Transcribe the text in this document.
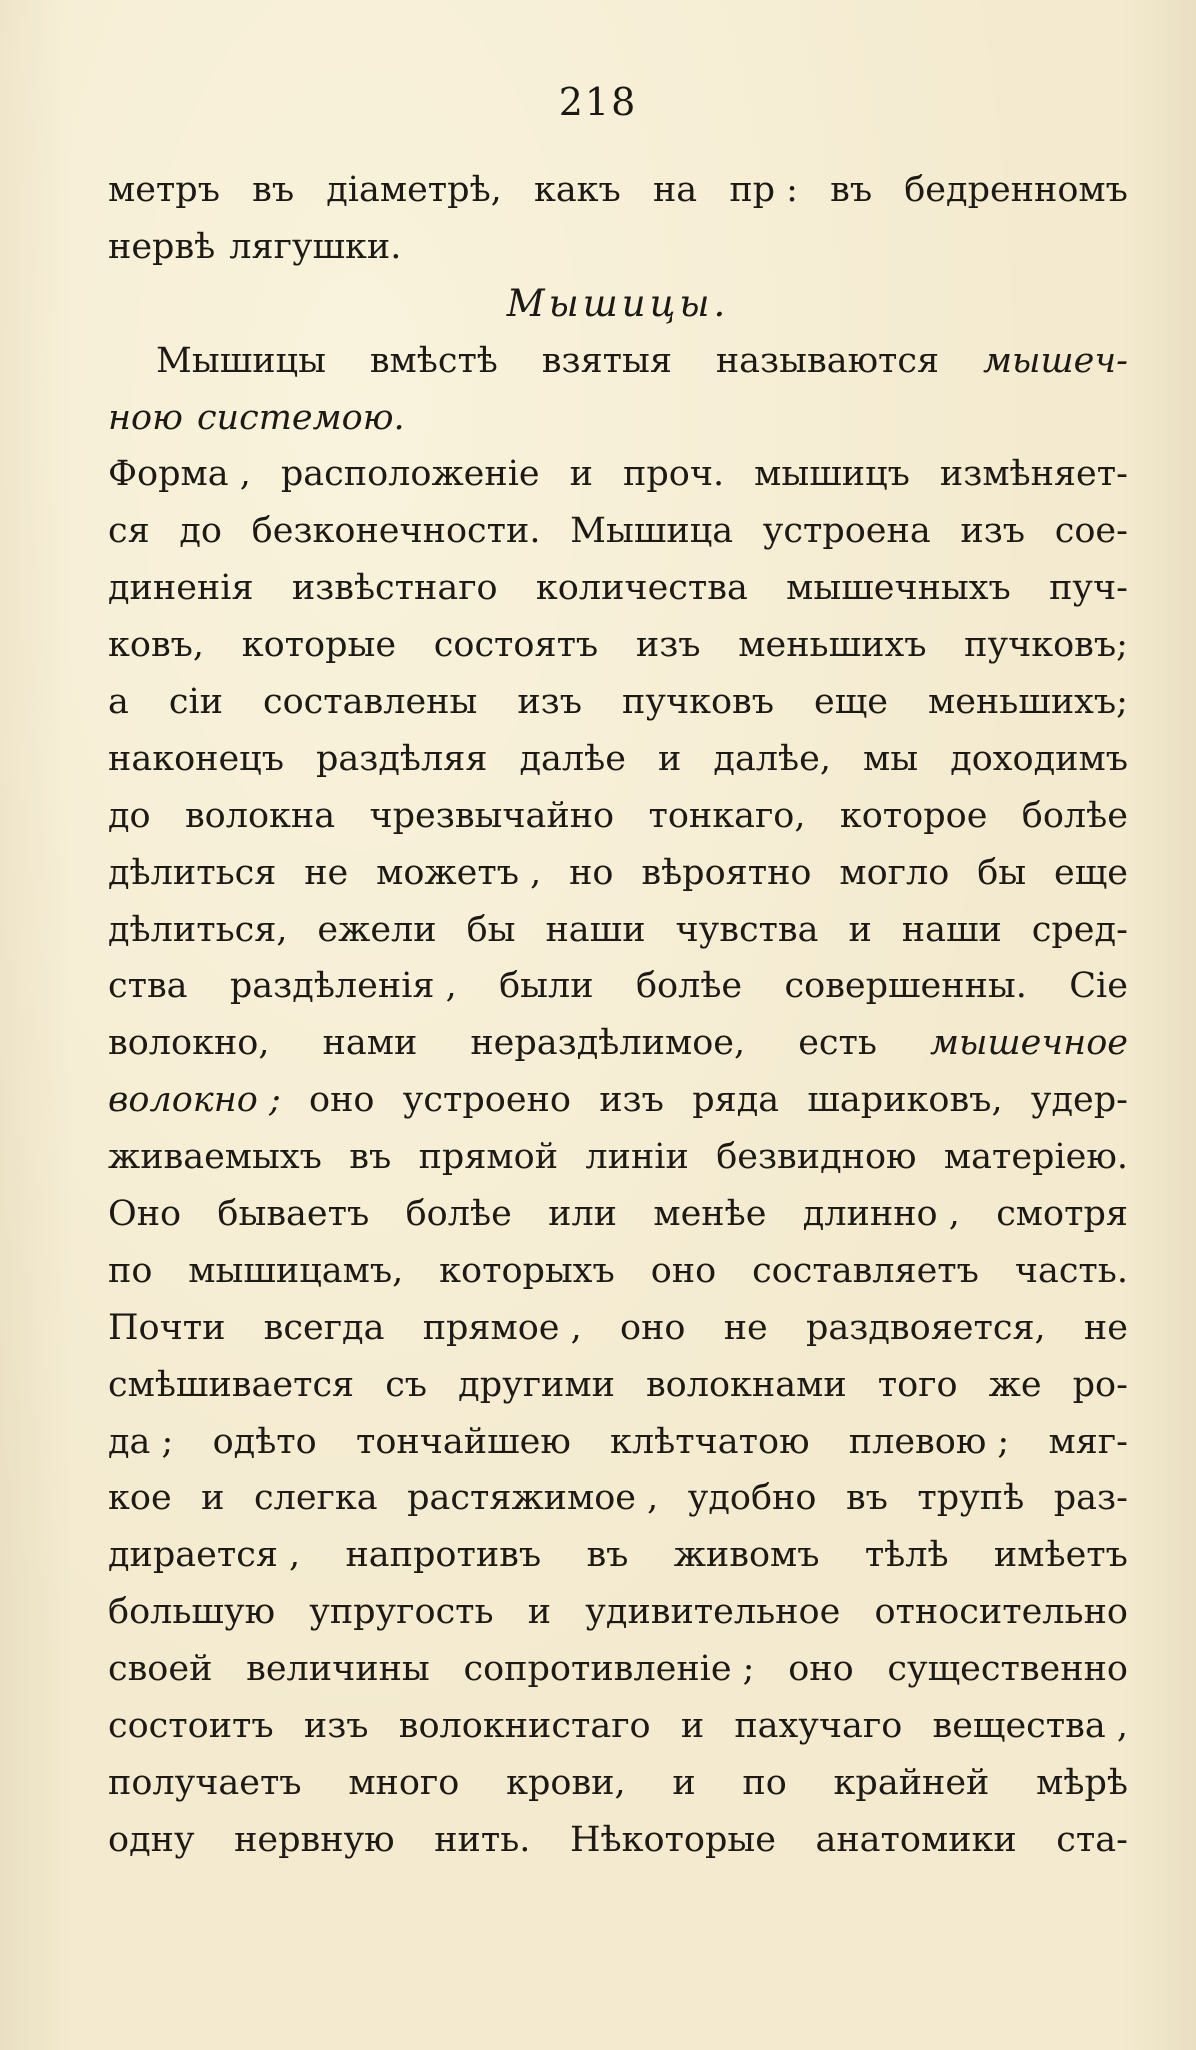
218
метръ въ діаметрѣ, какъ на пр : въ бедренномъ
нервѣ лягушки.
Мышицы.
Мышицы вмѣстѣ взятыя называются мышеч-
ною системою.
Форма , расположеніе и проч. мышицъ измѣняет-
ся до безконечности. Мышица устроена изъ сое-
диненія извѣстнаго количества мышечныхъ пуч-
ковъ, которые состоятъ изъ меньшихъ пучковъ;
а сіи составлены изъ пучковъ еще меньшихъ;
наконецъ раздѣляя далѣе и далѣе, мы доходимъ
до волокна чрезвычайно тонкаго, которое болѣе
дѣлиться не можетъ , но вѣроятно могло бы еще
дѣлиться, ежели бы наши чувства и наши сред-
ства раздѣленія , были болѣе совершенны. Сіе
волокно, нами нераздѣлимое, есть мышечное
волокно ; оно устроено изъ ряда шариковъ, удер-
живаемыхъ въ прямой линіи безвидною матеріею.
Оно бываетъ болѣе или менѣе длинно , смотря
по мышицамъ, которыхъ оно составляетъ часть.
Почти всегда прямое , оно не раздвояется, не
смѣшивается съ другими волокнами того же ро-
да ; одѣто тончайшею клѣтчатою плевою ; мяг-
кое и слегка растяжимое , удобно въ трупѣ раз-
дирается , напротивъ въ живомъ тѣлѣ имѣетъ
большую упругость и удивительное относительно
своей величины сопротивленіе ; оно существенно
состоитъ изъ волокнистаго и пахучаго вещества ,
получаетъ много крови, и по крайней мѣрѣ
одну нервную нить. Нѣкоторые анатомики ста-
